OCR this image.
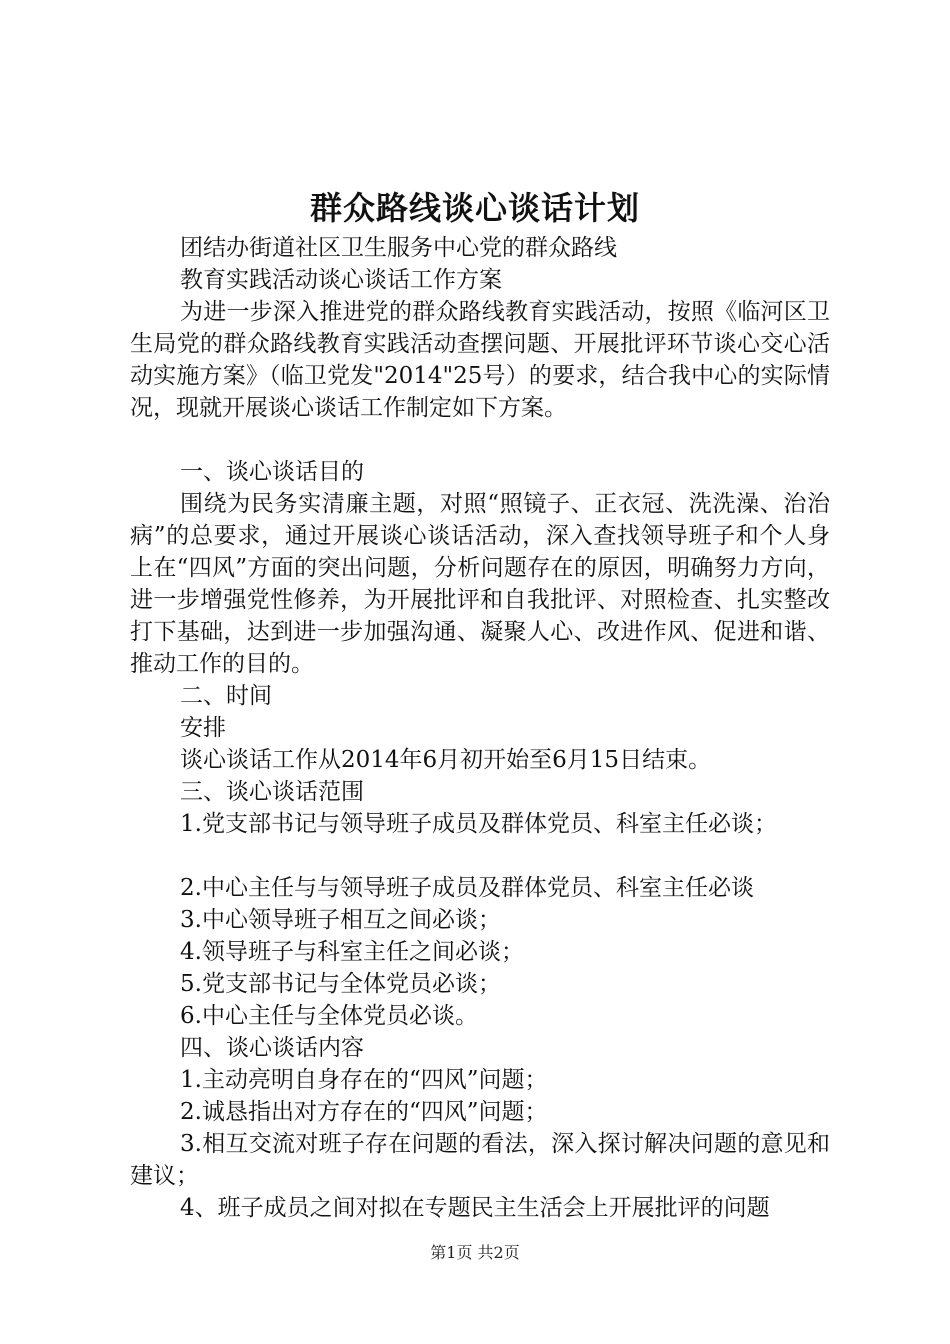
群众路线谈心谈话计划

团结办街道社区卫生服务中心党的群众路线

教育实践活动谈心谈话工作方案

为进一步深入推进党的群众路线教育实践活动，按照《临河区卫生局党的群众路线教育实践活动查摆问题、开展批评环节谈心交心活动实施方案》（临卫党发"2014"25号）的要求，结合我中心的实际情况，现就开展谈心谈话工作制定如下方案。

一、谈心谈话目的

围绕为民务实清廉主题，对照“照镜子、正衣冠、洗洗澡、治治病”的总要求，通过开展谈心谈话活动，深入查找领导班子和个人身上在“四风”方面的突出问题，分析问题存在的原因，明确努力方向，进一步增强党性修养，为开展批评和自我批评、对照检查、扎实整改打下基础，达到进一步加强沟通、凝聚人心、改进作风、促进和谐、推动工作的目的。

二、时间

安排

谈心谈话工作从2014年6月初开始至6月15日结束。

三、谈心谈话范围

1.党支部书记与领导班子成员及群体党员、科室主任必谈；

2.中心主任与与领导班子成员及群体党员、科室主任必谈

3.中心领导班子相互之间必谈；

4.领导班子与科室主任之间必谈；

5.党支部书记与全体党员必谈；

6.中心主任与全体党员必谈。

四、谈心谈话内容

1.主动亮明自身存在的“四风”问题；

2.诚恳指出对方存在的“四风”问题；

3.相互交流对班子存在问题的看法，深入探讨解决问题的意见和建议；

4、班子成员之间对拟在专题民主生活会上开展批评的问题

第1页 共2页
